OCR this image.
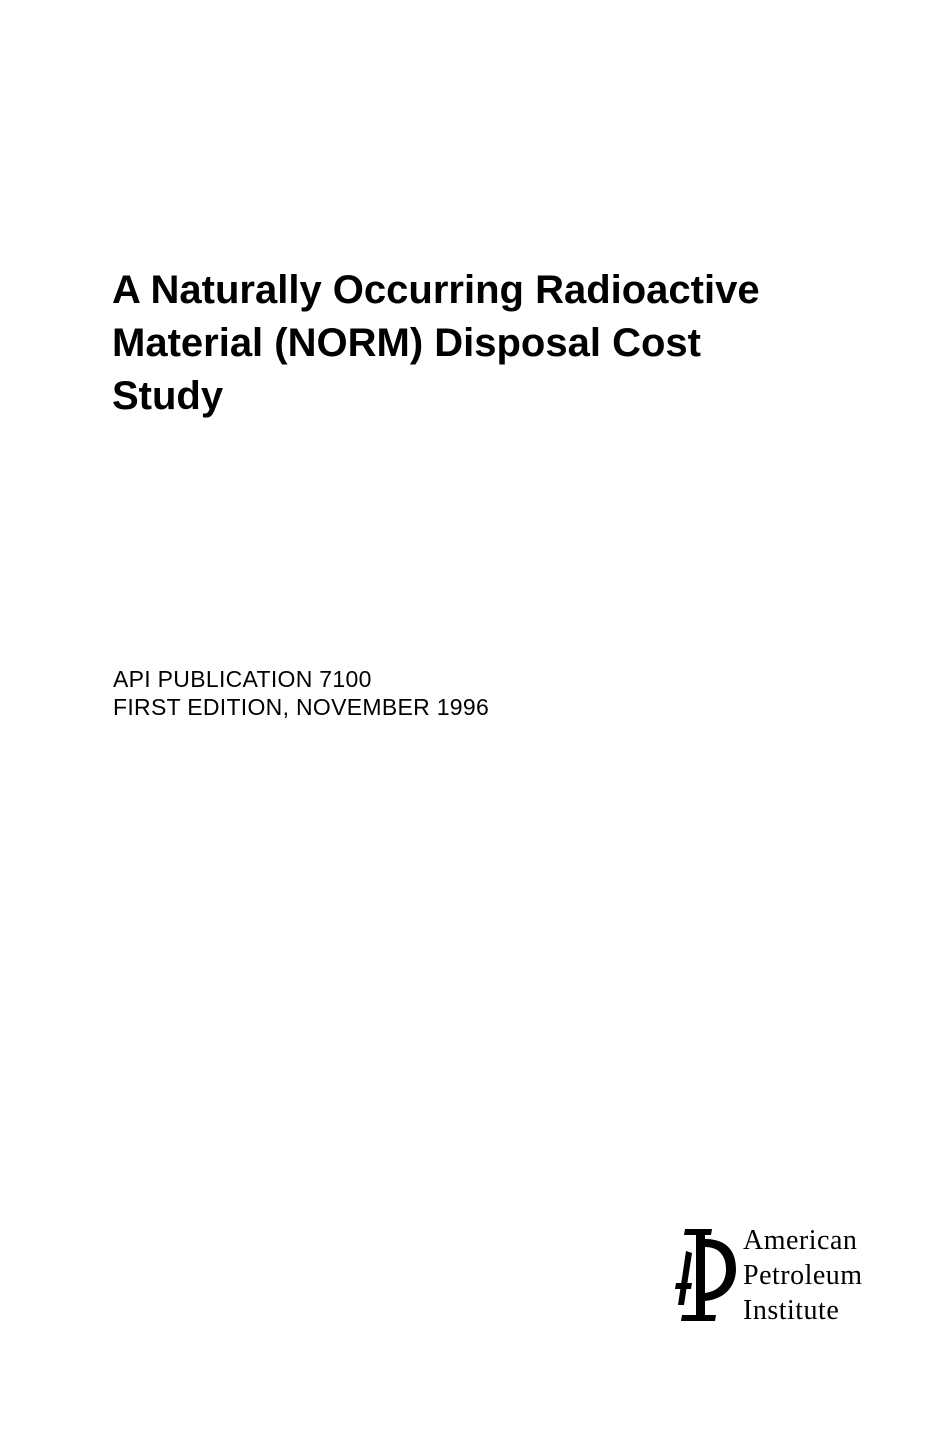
A Naturally Occurring Radioactive
Material (NORM) Disposal Cost
Study
API PUBLICATION 7100
FIRST EDITION, NOVEMBER 1996
American
Petroleum
Institute
